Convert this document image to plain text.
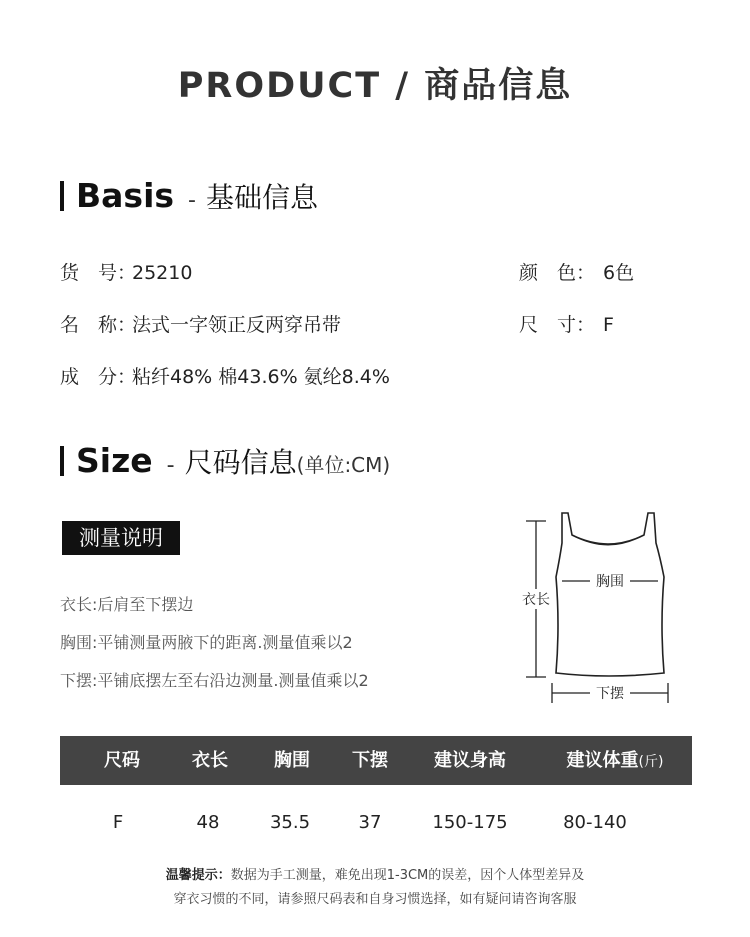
PRODUCT / 商品信息
Basis - 基础信息
货　号：25210	颜　色： 6色
名　称：法式一字领正反两穿吊带	尺　寸： F
成　分：粘纤48% 棉43.6% 氨纶8.4%
Size - 尺码信息 (单位:CM)
测量说明
衣长:后肩至下摆边
胸围:平铺测量两腋下的距离.测量值乘以2
下摆:平铺底摆左至右沿边测量.测量值乘以2
衣长
胸围
下摆
尺码	衣长	胸围	下摆	建议身高	建议体重(斤)
F	48	35.5	37	150-175	80-140
温馨提示：数据为手工测量，难免出现1-3CM的误差，因个人体型差异及
穿衣习惯的不同，请参照尺码表和自身习惯选择，如有疑问请咨询客服
